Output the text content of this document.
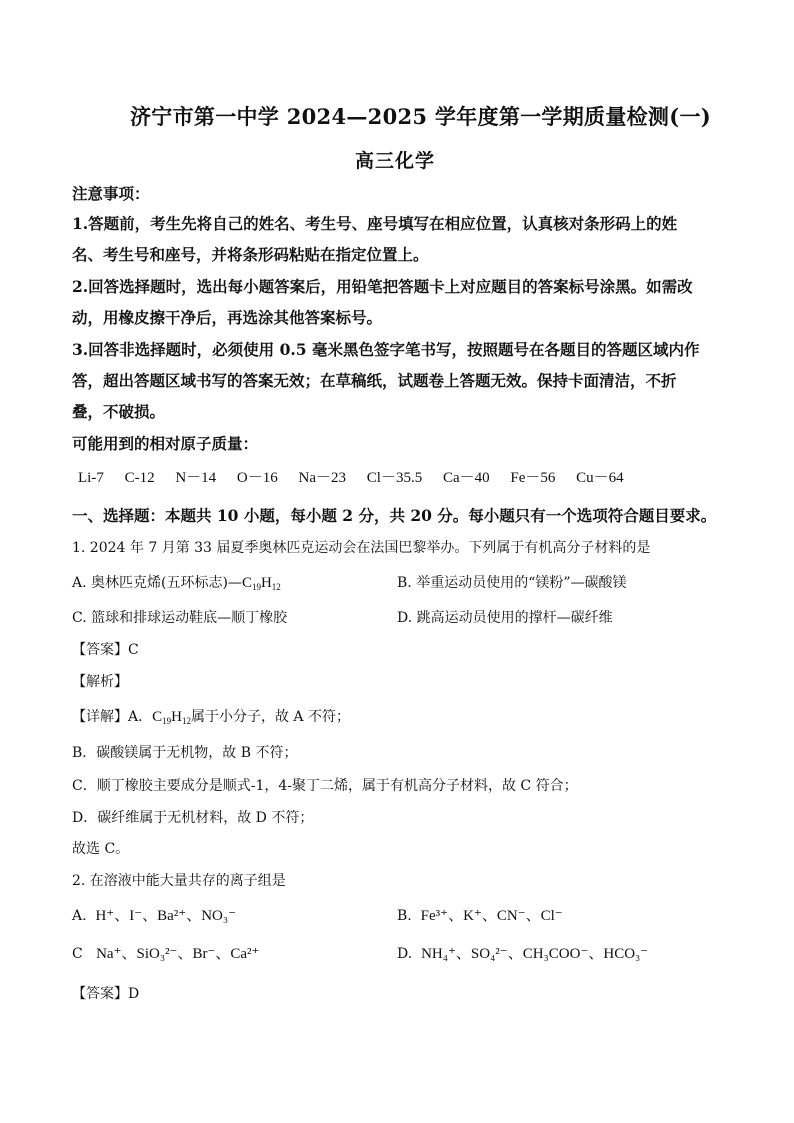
济宁市第一中学 2024—2025 学年度第一学期质量检测(一)
高三化学
注意事项：
1.答题前，考生先将自己的姓名、考生号、座号填写在相应位置，认真核对条形码上的姓
名、考生号和座号，并将条形码粘贴在指定位置上。
2.回答选择题时，选出每小题答案后，用铅笔把答题卡上对应题目的答案标号涂黑。如需改
动，用橡皮擦干净后，再选涂其他答案标号。
3.回答非选择题时，必须使用 0.5 毫米黑色签字笔书写，按照题号在各题目的答题区域内作
答，超出答题区域书写的答案无效；在草稿纸，试题卷上答题无效。保持卡面清洁，不折
叠，不破损。
可能用到的相对原子质量：
Li-7 C-12 N－14 O－16 Na－23 Cl－35.5 Ca－40 Fe－56 Cu－64
一、选择题：本题共 10 小题，每小题 2 分，共 20 分。每小题只有一个选项符合题目要求。
1. 2024 年 7 月第 33 届夏季奥林匹克运动会在法国巴黎举办。下列属于有机高分子材料的是
A. 奥林匹克烯(五环标志)$—C_{19}H_{12}$	B. 举重运动员使用的“镁粉”—碳酸镁
C. 篮球和排球运动鞋底—顺丁橡胶	D. 跳高运动员使用的撑杆—碳纤维
【答案】C
【解析】
【详解】A．$C_{19}H_{12}$属于小分子，故 A 不符；
B．碳酸镁属于无机物，故 B 不符；
C．顺丁橡胶主要成分是顺式-1，4-聚丁二烯，属于有机高分子材料，故 C 符合；
D．碳纤维属于无机材料，故 D 不符；
故选 C。
2. 在溶液中能大量共存的离子组是
A. H⁺、I⁻、Ba²⁺、NO₃⁻	B. Fe³⁺、K⁺、CN⁻、Cl⁻
C Na⁺、SiO₃²⁻、Br⁻、Ca²⁺	D. NH₄⁺、SO₄²⁻、CH₃COO⁻、HCO₃⁻
【答案】D
